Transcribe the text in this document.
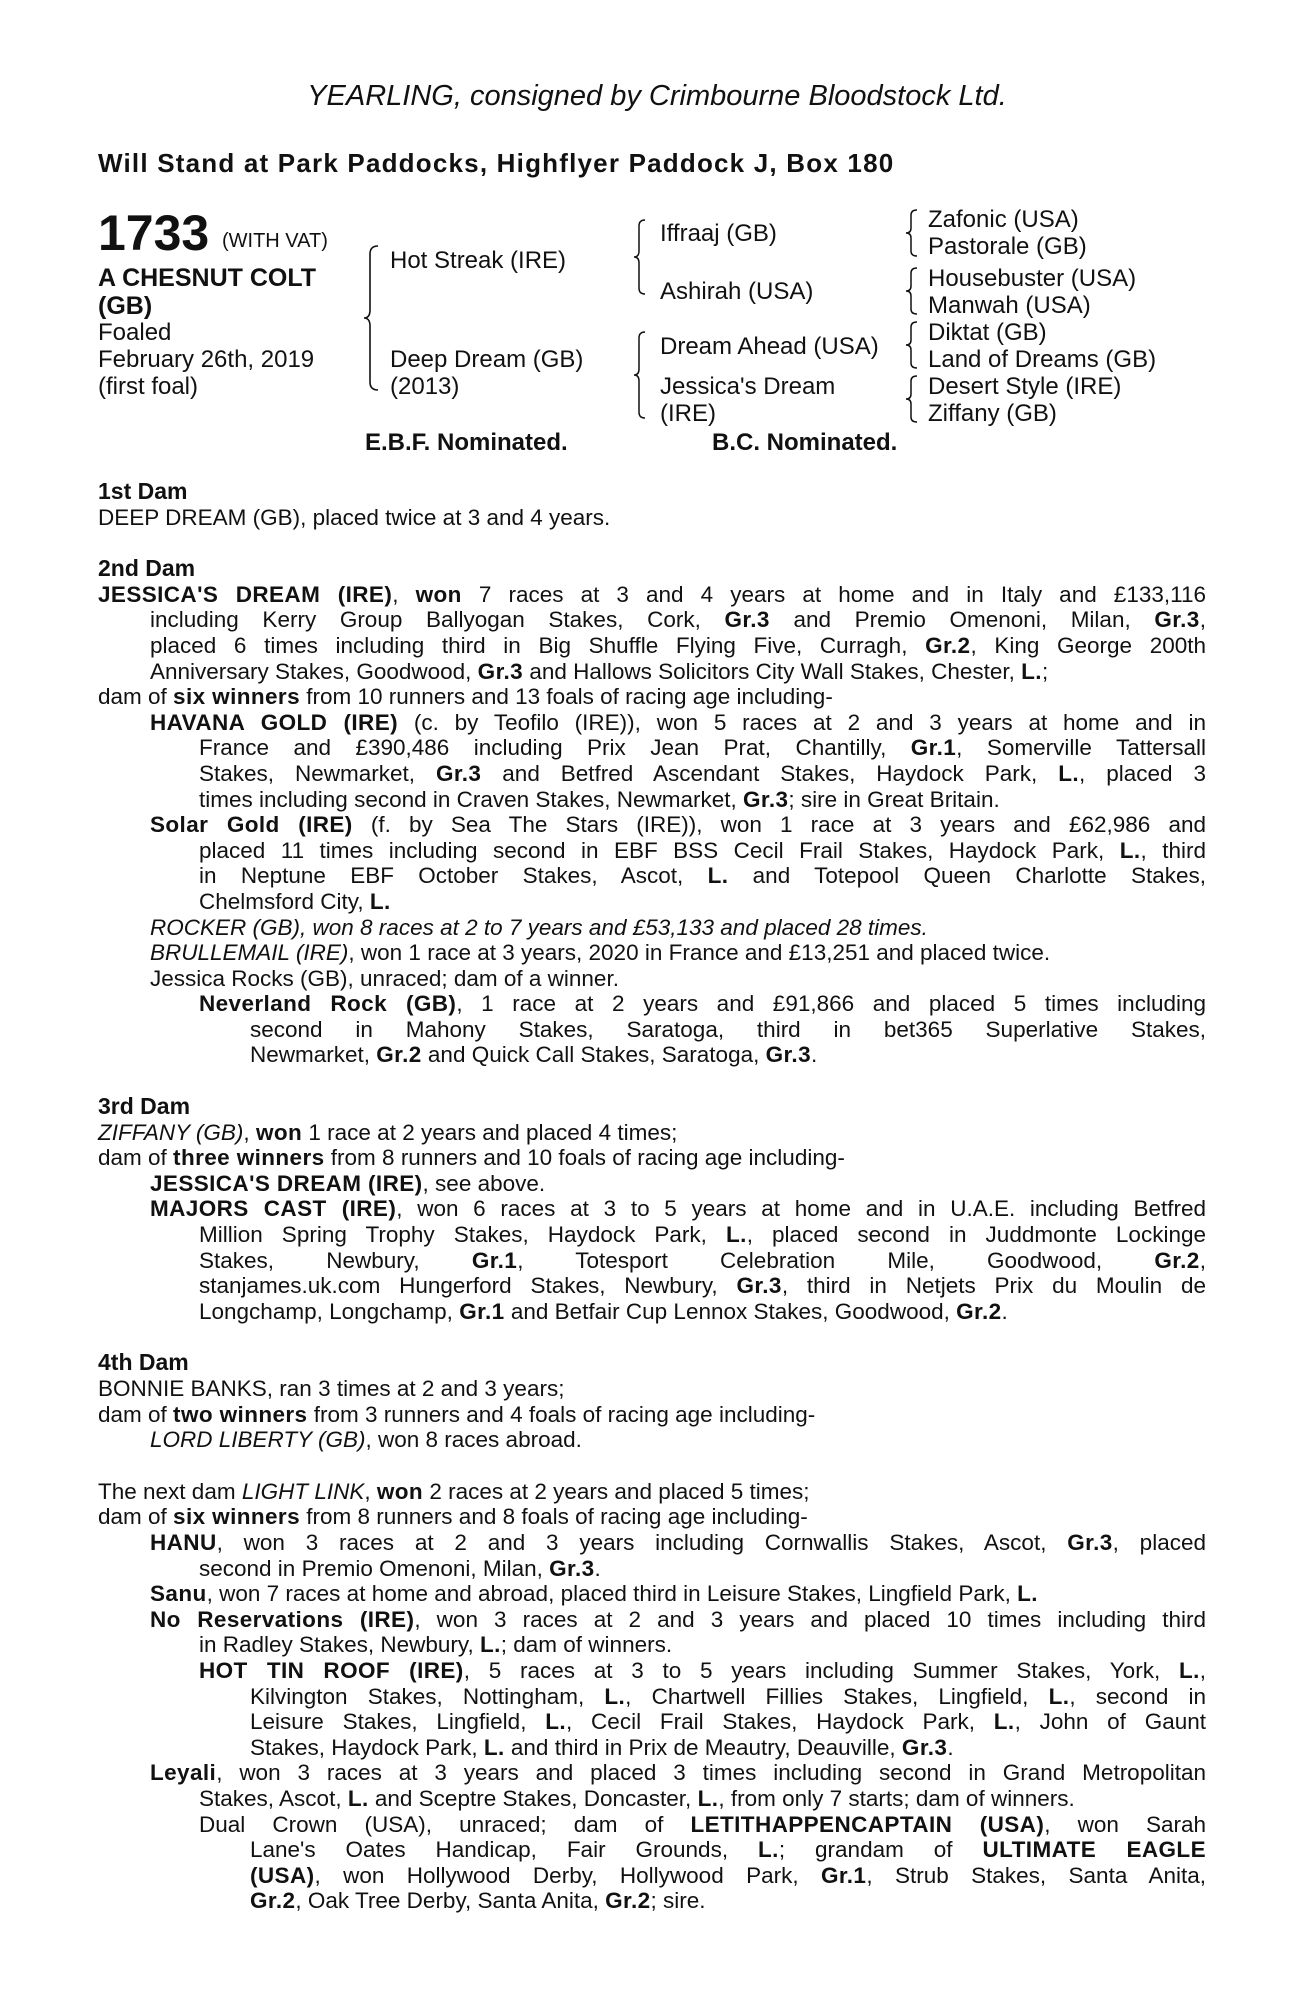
YEARLING, consigned by Crimbourne Bloodstock Ltd.
Will Stand at Park Paddocks, Highflyer Paddock J, Box 180
1733 (WITH VAT)
A CHESNUT COLT
(GB)
Foaled
February 26th, 2019
(first foal)
Hot Streak (IRE)
Deep Dream (GB)
(2013)
Iffraaj (GB)
Ashirah (USA)
Dream Ahead (USA)
Jessica's Dream
(IRE)
Zafonic (USA)
Pastorale (GB)
Housebuster (USA)
Manwah (USA)
Diktat (GB)
Land of Dreams (GB)
Desert Style (IRE)
Ziffany (GB)
E.B.F. Nominated.	B.C. Nominated.
1st Dam
DEEP DREAM (GB), placed twice at 3 and 4 years.
2nd Dam
JESSICA'S DREAM (IRE), won 7 races at 3 and 4 years at home and in Italy and £133,116
including Kerry Group Ballyogan Stakes, Cork, Gr.3 and Premio Omenoni, Milan, Gr.3,
placed 6 times including third in Big Shuffle Flying Five, Curragh, Gr.2, King George 200th
Anniversary Stakes, Goodwood, Gr.3 and Hallows Solicitors City Wall Stakes, Chester, L.;
dam of six winners from 10 runners and 13 foals of racing age including-
HAVANA GOLD (IRE) (c. by Teofilo (IRE)), won 5 races at 2 and 3 years at home and in
France and £390,486 including Prix Jean Prat, Chantilly, Gr.1, Somerville Tattersall
Stakes, Newmarket, Gr.3 and Betfred Ascendant Stakes, Haydock Park, L., placed 3
times including second in Craven Stakes, Newmarket, Gr.3; sire in Great Britain.
Solar Gold (IRE) (f. by Sea The Stars (IRE)), won 1 race at 3 years and £62,986 and
placed 11 times including second in EBF BSS Cecil Frail Stakes, Haydock Park, L., third
in Neptune EBF October Stakes, Ascot, L. and Totepool Queen Charlotte Stakes,
Chelmsford City, L.
ROCKER (GB), won 8 races at 2 to 7 years and £53,133 and placed 28 times.
BRULLEMAIL (IRE), won 1 race at 3 years, 2020 in France and £13,251 and placed twice.
Jessica Rocks (GB), unraced; dam of a winner.
Neverland Rock (GB), 1 race at 2 years and £91,866 and placed 5 times including
second in Mahony Stakes, Saratoga, third in bet365 Superlative Stakes,
Newmarket, Gr.2 and Quick Call Stakes, Saratoga, Gr.3.
3rd Dam
ZIFFANY (GB), won 1 race at 2 years and placed 4 times;
dam of three winners from 8 runners and 10 foals of racing age including-
JESSICA'S DREAM (IRE), see above.
MAJORS CAST (IRE), won 6 races at 3 to 5 years at home and in U.A.E. including Betfred
Million Spring Trophy Stakes, Haydock Park, L., placed second in Juddmonte Lockinge
Stakes, Newbury, Gr.1, Totesport Celebration Mile, Goodwood, Gr.2,
stanjames.uk.com Hungerford Stakes, Newbury, Gr.3, third in Netjets Prix du Moulin de
Longchamp, Longchamp, Gr.1 and Betfair Cup Lennox Stakes, Goodwood, Gr.2.
4th Dam
BONNIE BANKS, ran 3 times at 2 and 3 years;
dam of two winners from 3 runners and 4 foals of racing age including-
LORD LIBERTY (GB), won 8 races abroad.
The next dam LIGHT LINK, won 2 races at 2 years and placed 5 times;
dam of six winners from 8 runners and 8 foals of racing age including-
HANU, won 3 races at 2 and 3 years including Cornwallis Stakes, Ascot, Gr.3, placed
second in Premio Omenoni, Milan, Gr.3.
Sanu, won 7 races at home and abroad, placed third in Leisure Stakes, Lingfield Park, L.
No Reservations (IRE), won 3 races at 2 and 3 years and placed 10 times including third
in Radley Stakes, Newbury, L.; dam of winners.
HOT TIN ROOF (IRE), 5 races at 3 to 5 years including Summer Stakes, York, L.,
Kilvington Stakes, Nottingham, L., Chartwell Fillies Stakes, Lingfield, L., second in
Leisure Stakes, Lingfield, L., Cecil Frail Stakes, Haydock Park, L., John of Gaunt
Stakes, Haydock Park, L. and third in Prix de Meautry, Deauville, Gr.3.
Leyali, won 3 races at 3 years and placed 3 times including second in Grand Metropolitan
Stakes, Ascot, L. and Sceptre Stakes, Doncaster, L., from only 7 starts; dam of winners.
Dual Crown (USA), unraced; dam of LETITHAPPENCAPTAIN (USA), won Sarah
Lane's Oates Handicap, Fair Grounds, L.; grandam of ULTIMATE EAGLE
(USA), won Hollywood Derby, Hollywood Park, Gr.1, Strub Stakes, Santa Anita,
Gr.2, Oak Tree Derby, Santa Anita, Gr.2; sire.
